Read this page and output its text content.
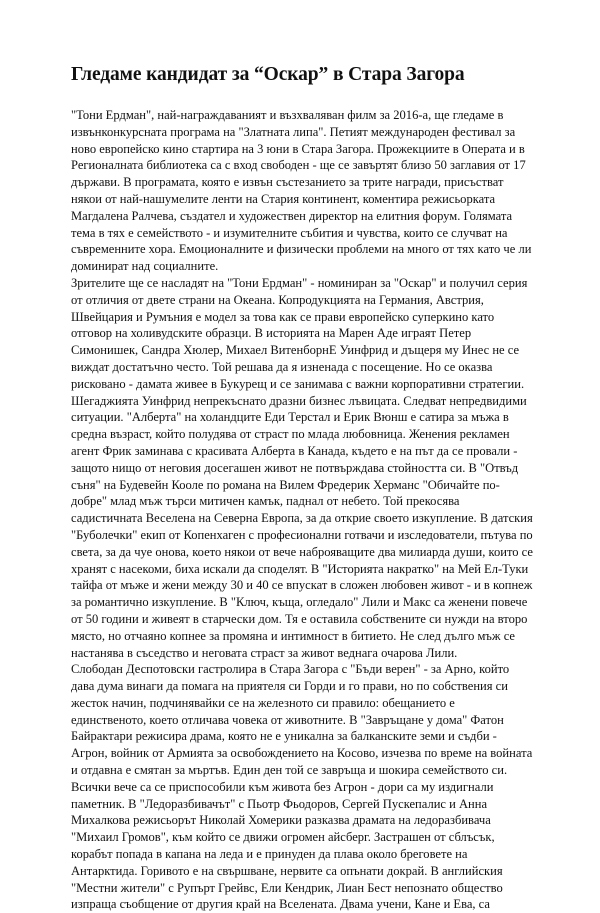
Гледаме кандидат за “Оскар” в Стара Загора

"Тони Ердман", най-награждаваният и възхваляван филм за 2016-а, ще гледаме в извънконкурсната програма на "Златната липа". Петият международен фестивал за ново европейско кино стартира на 3 юни в Стара Загора. Прожекциите в Операта и в Регионалната библиотека са с вход свободен - ще се завъртят близо 50 заглавия от 17 държави. В програмата, която е извън състезанието за трите награди, присъстват някои от най-нашумелите ленти на Стария континент, коментира режисьорката Магдалена Ралчева, създател и художествен директор на елитния форум. Голямата тема в тях е семейството - и изумителните събития и чувства, които се случват на съвременните хора. Емоционалните и физически проблеми на много от тях като че ли доминират над социалните.

Зрителите ще се насладят на "Тони Ердман" - номиниран за "Оскар" и получил серия от отличия от двете страни на Океана. Копродукцията на Германия, Австрия, Швейцария и Румъния е модел за това как се прави европейско суперкино като отговор на холивудските образци. В историята на Марен Аде играят Петер Симонишек, Сандра Хюлер, Михаел ВитенборнЕ Уинфрид и дъщеря му Инес не се виждат достатъчно често. Той решава да я изненада с посещение. Но се оказва рисковано - дамата живее в Букурещ и се занимава с важни корпоративни стратегии. Шегаджията Уинфрид непрекъснато дразни бизнес лъвицата. Следват непредвидими ситуации. "Алберта" на холандците Еди Терстал и Ерик Вюнш е сатира за мъжа в средна възраст, който полудява от страст по млада любовница. Женения рекламен агент Фрик заминава с красивата Алберта в Канада, където е на път да се провали - защото нищо от неговия досегашен живот не потвърждава стойността си. В "Отвъд съня" на Будевейн Кооле по романа на Вилем Фредерик Херманс "Обичайте по-добре" млад мъж търси митичен камък, паднал от небето. Той прекосява садистичната Веселена на Северна Европа, за да открие своето изкупление. В датския "Буболечки" екип от Копенхаген с професионални готвачи и изследователи, пътува по света, за да чуе онова, което някои от вече наброяващите два милиарда души, които се хранят с насекоми, биха искали да споделят. В "Историята накратко" на Мей Ел-Туки тайфа от мъже и жени между 30 и 40 се впускат в сложен любовен живот - и в копнеж за романтично изкупление. В "Ключ, къща, огледало" Лили и Макс са женени повече от 50 години и живеят в старчески дом. Тя е оставила собствените си нужди на второ място, но отчаяно копнее за промяна и интимност в битието. Не след дълго мъж се настанява в съседство и неговата страст за живот веднага очарова Лили.

Слободан Деспотовски гастролира в Стара Загора с "Бъди верен" - за Арно, който дава дума винаги да помага на приятеля си Горди и го прави, но по собствения си жесток начин, подчинявайки се на железното си правило: обещанието е единственото, което отличава човека от животните. В "Завръщане у дома" Фатон Байрактари режисира драма, която не е уникална за балканските земи и съдби - Агрон, войник от Армията за освобождението на Косово, изчезва по време на войната и отдавна е смятан за мъртъв. Един ден той се завръща и шокира семейството си. Всички вече са се приспособили към живота без Агрон - дори са му издигнали паметник. В "Ледоразбивачът" с Пьотр Фьодоров, Сергей Пускепалис и Анна Михалкова режисьорът Николай Хомерики разказва драмата на ледоразбивача "Михаил Громов", към който се движи огромен айсберг. Застрашен от сблъсък, корабът попада в капана на леда и е принуден да плава около бреговете на Антарктида. Горивото е на свършване, нервите са опънати докрай. В английския "Местни жители" с Рупърт Грейвс, Ели Кендрик, Лиан Бест непознато общество изпраща съобщение от другия край на Вселената. Двама учени, Кане и Ева, са
